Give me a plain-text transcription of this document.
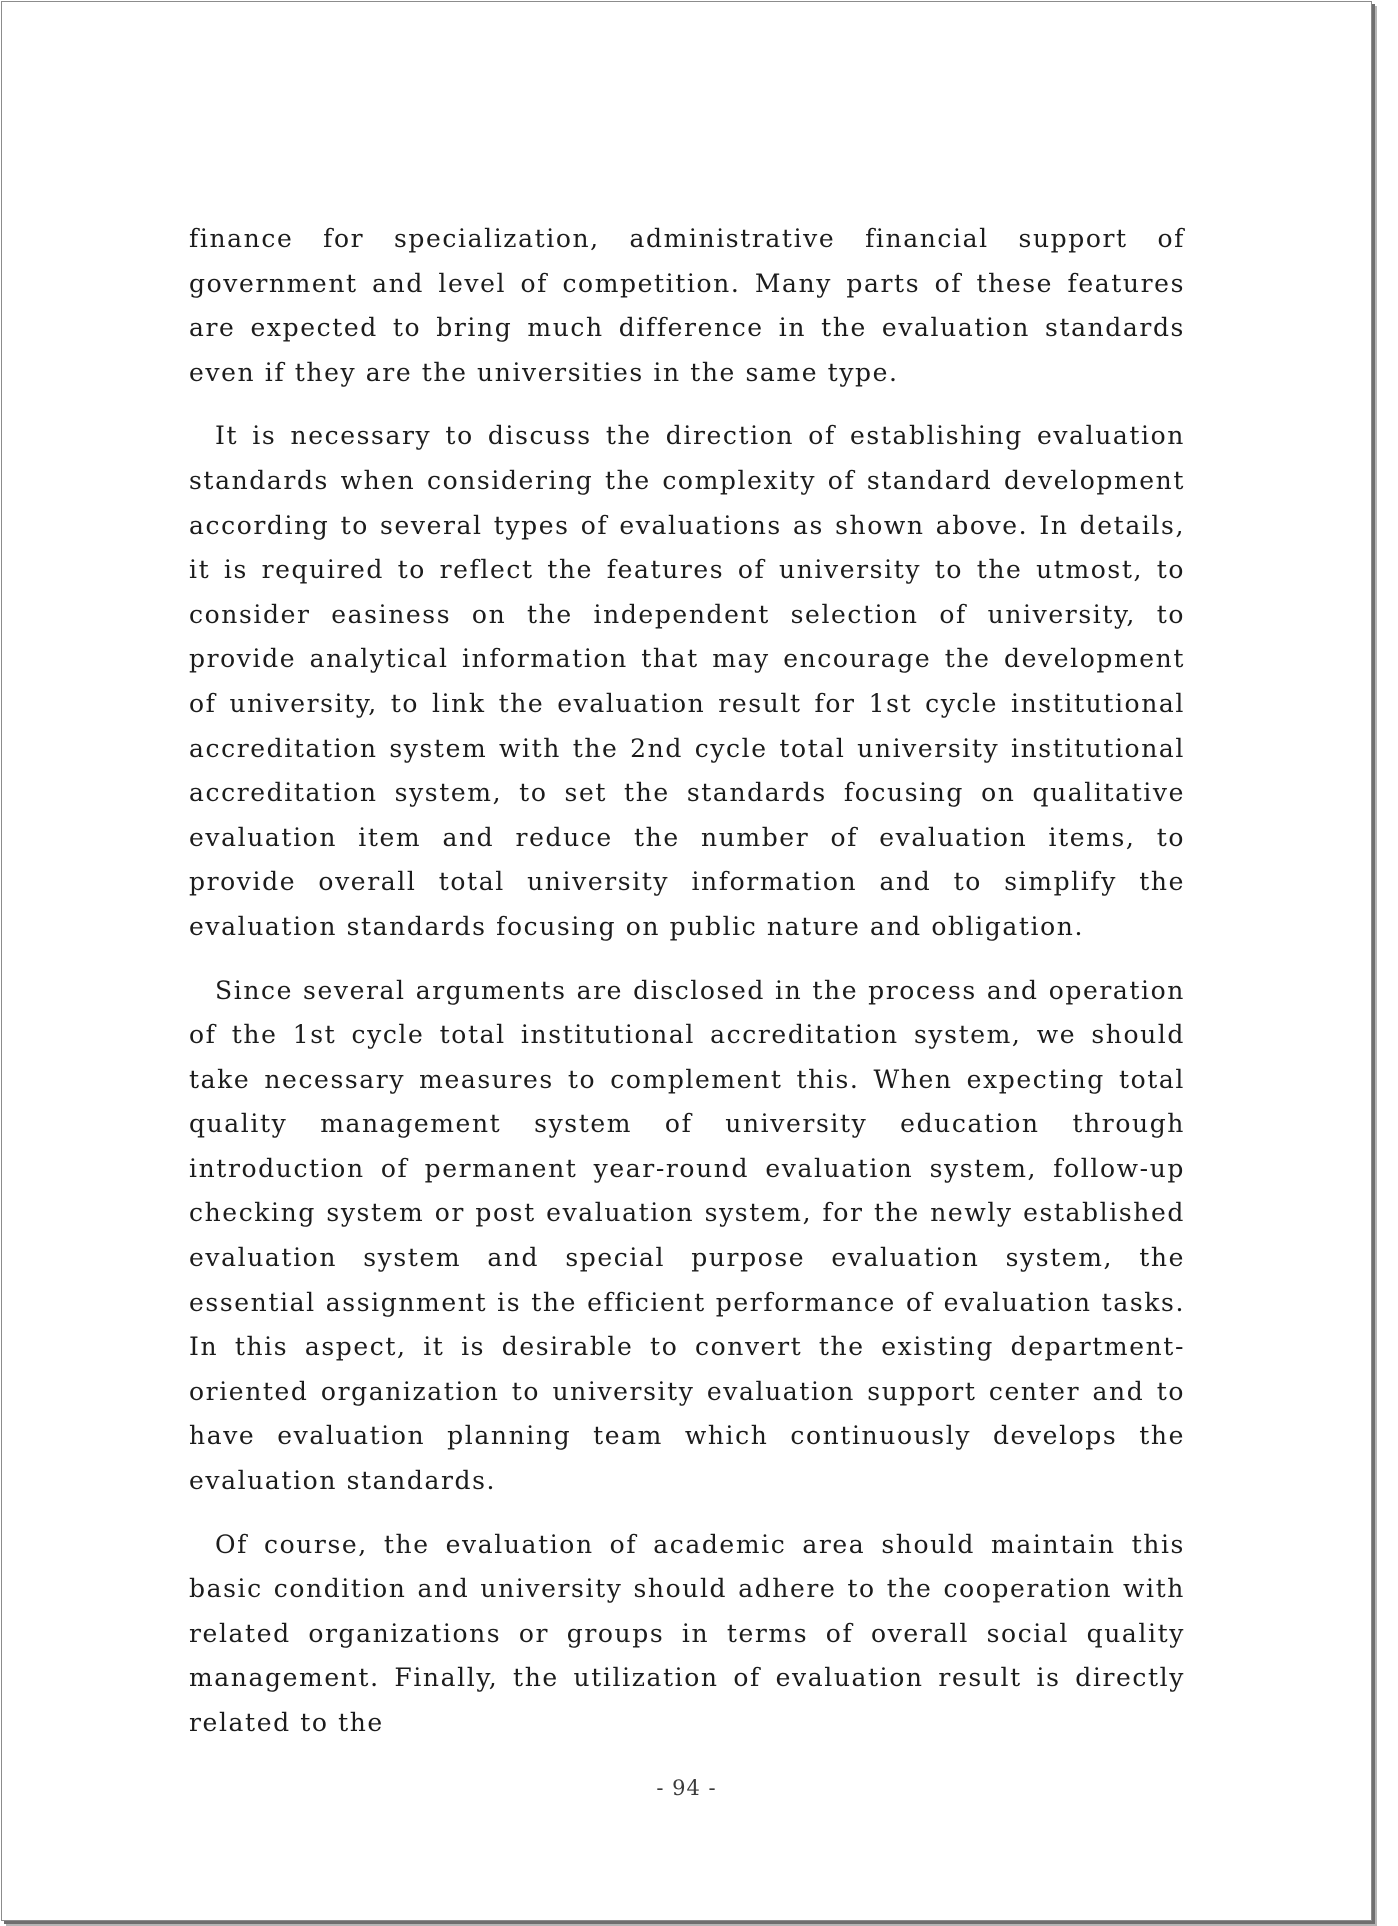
finance for specialization, administrative financial support of government and level of competition. Many parts of these features are expected to bring much difference in the evaluation standards even if they are the universities in the same type.

It is necessary to discuss the direction of establishing evaluation standards when considering the complexity of standard development according to several types of evaluations as shown above. In details, it is required to reflect the features of university to the utmost, to consider easiness on the independent selection of university, to provide analytical information that may encourage the development of university, to link the evaluation result for 1st cycle institutional accreditation system with the 2nd cycle total university institutional accreditation system, to set the standards focusing on qualitative evaluation item and reduce the number of evaluation items, to provide overall total university information and to simplify the evaluation standards focusing on public nature and obligation.

Since several arguments are disclosed in the process and operation of the 1st cycle total institutional accreditation system, we should take necessary measures to complement this. When expecting total quality management system of university education through introduction of permanent year-round evaluation system, follow-up checking system or post evaluation system, for the newly established evaluation system and special purpose evaluation system, the essential assignment is the efficient performance of evaluation tasks. In this aspect, it is desirable to convert the existing department-oriented organization to university evaluation support center and to have evaluation planning team which continuously develops the evaluation standards.

Of course, the evaluation of academic area should maintain this basic condition and university should adhere to the cooperation with related organizations or groups in terms of overall social quality management. Finally, the utilization of evaluation result is directly related to the

- 94 -
